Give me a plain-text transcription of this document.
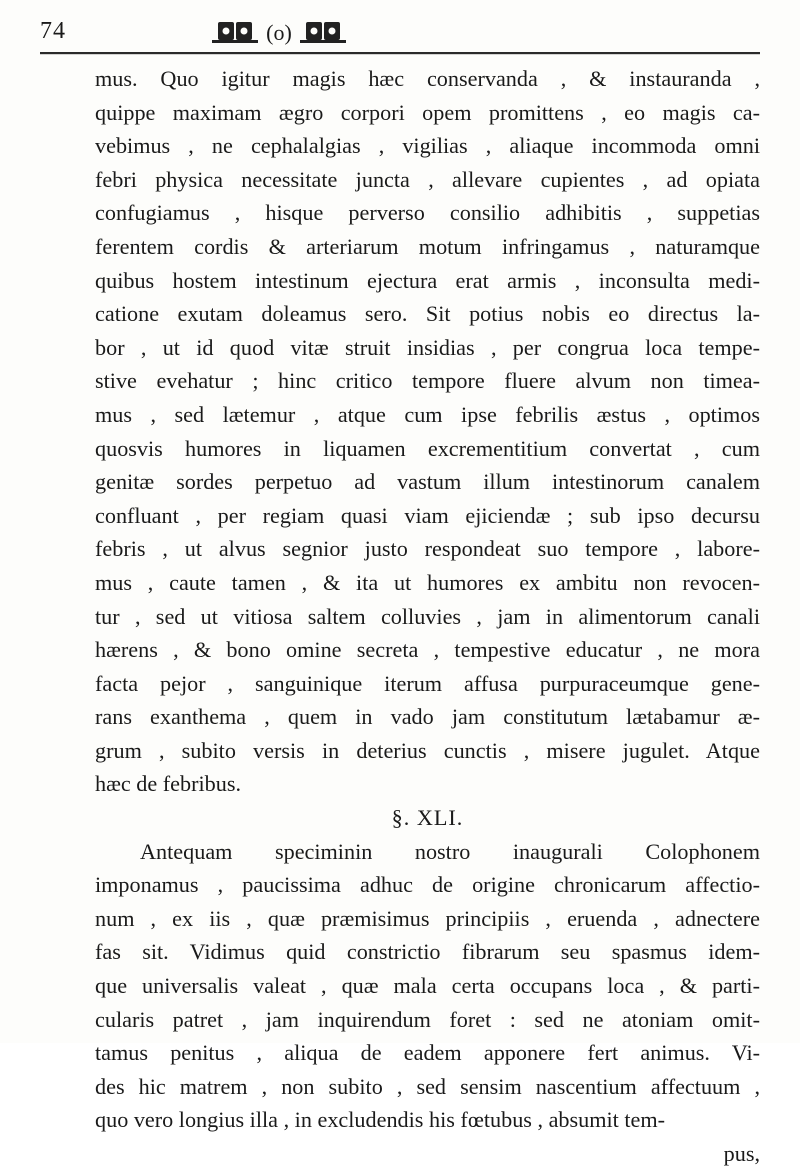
74	(o)
mus. Quo igitur magis hæc conservanda , & instauranda ,
quippe maximam ægro corpori opem promittens , eo magis ca-
vebimus , ne cephalalgias , vigilias , aliaque incommoda omni
febri physica necessitate juncta , allevare cupientes , ad opiata
confugiamus , hisque perverso consilio adhibitis , suppetias
ferentem cordis & arteriarum motum infringamus , naturamque
quibus hostem intestinum ejectura erat armis , inconsulta medi-
catione exutam doleamus sero. Sit potius nobis eo directus la-
bor , ut id quod vitæ struit insidias , per congrua loca tempe-
stive evehatur ; hinc critico tempore fluere alvum non timea-
mus , sed lætemur , atque cum ipse febrilis æstus , optimos
quosvis humores in liquamen excrementitium convertat , cum
genitæ sordes perpetuo ad vastum illum intestinorum canalem
confluant , per regiam quasi viam ejiciendæ ; sub ipso decursu
febris , ut alvus segnior justo respondeat suo tempore , labore-
mus , caute tamen , & ita ut humores ex ambitu non revocen-
tur , sed ut vitiosa saltem colluvies , jam in alimentorum canali
hærens , & bono omine secreta , tempestive educatur , ne mora
facta pejor , sanguinique iterum affusa purpuraceumque gene-
rans exanthema , quem in vado jam constitutum lætabamur æ-
grum , subito versis in deterius cunctis , misere jugulet. Atque
hæc de febribus.
§. XLI.
Antequam speciminin nostro inaugurali Colophonem
imponamus , paucissima adhuc de origine chronicarum affectio-
num , ex iis , quæ præmisimus principiis , eruenda , adnectere
fas sit. Vidimus quid constrictio fibrarum seu spasmus idem-
que universalis valeat , quæ mala certa occupans loca , & parti-
cularis patret , jam inquirendum foret : sed ne atoniam omit-
tamus penitus , aliqua de eadem apponere fert animus. Vi-
des hic matrem , non subito , sed sensim nascentium affectuum ,
quo vero longius illa , in excludendis his fœtubus , absumit tem-
pus,
